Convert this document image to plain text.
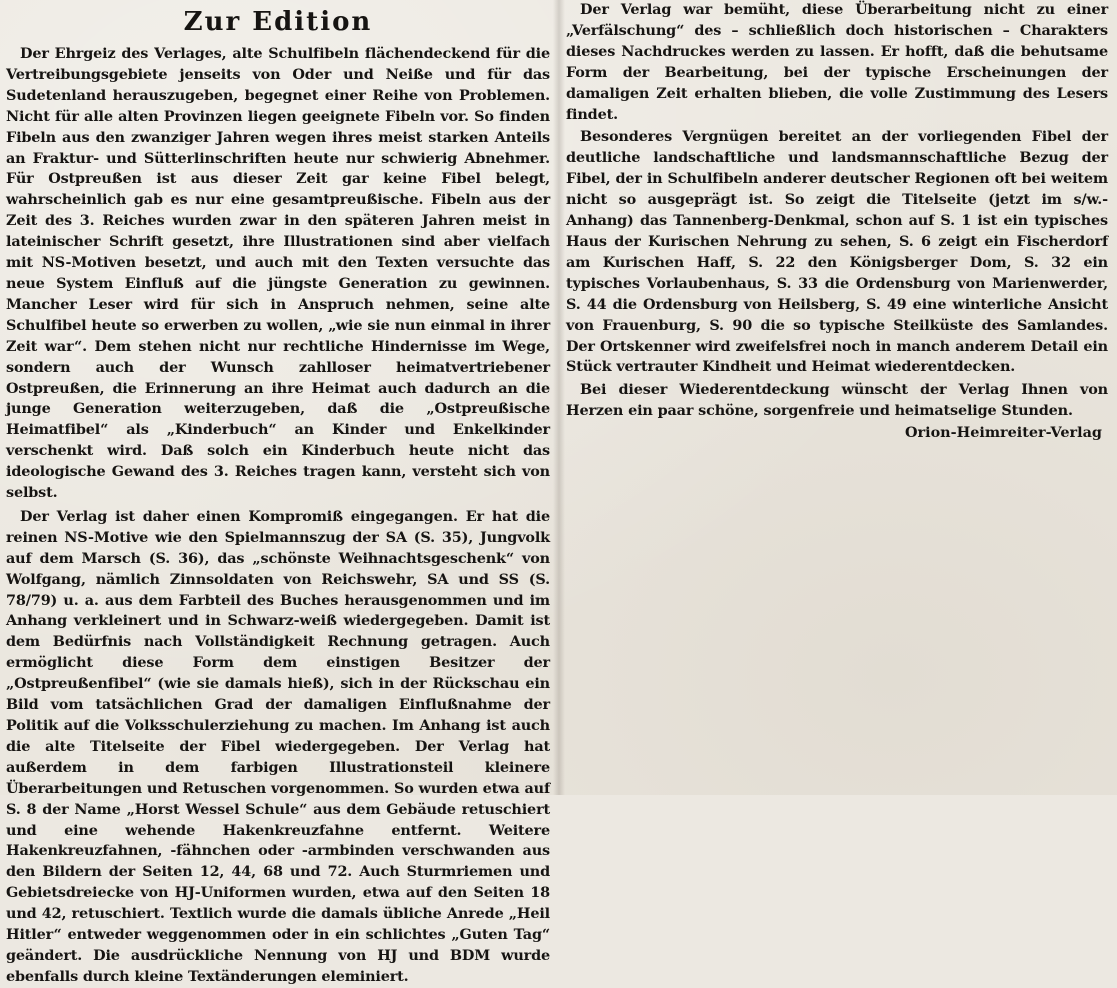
Zur Edition

Der Ehrgeiz des Verlages, alte Schulfibeln flächendeckend für die Vertreibungsgebiete jenseits von Oder und Neiße und für das Sudetenland herauszugeben, begegnet einer Reihe von Problemen. Nicht für alle alten Provinzen liegen geeignete Fibeln vor. So finden Fibeln aus den zwanziger Jahren wegen ihres meist starken Anteils an Fraktur- und Sütterlinschriften heute nur schwierig Abnehmer. Für Ostpreußen ist aus dieser Zeit gar keine Fibel belegt, wahrscheinlich gab es nur eine gesamtpreußische. Fibeln aus der Zeit des 3. Reiches wurden zwar in den späteren Jahren meist in lateinischer Schrift gesetzt, ihre Illustrationen sind aber vielfach mit NS-Motiven besetzt, und auch mit den Texten versuchte das neue System Einfluß auf die jüngste Generation zu gewinnen. Mancher Leser wird für sich in Anspruch nehmen, seine alte Schulfibel heute so erwerben zu wollen, „wie sie nun einmal in ihrer Zeit war“. Dem stehen nicht nur rechtliche Hindernisse im Wege, sondern auch der Wunsch zahlloser heimatvertriebener Ostpreußen, die Erinnerung an ihre Heimat auch dadurch an die junge Generation weiterzugeben, daß die „Ostpreußische Heimatfibel“ als „Kinderbuch“ an Kinder und Enkelkinder verschenkt wird. Daß solch ein Kinderbuch heute nicht das ideologische Gewand des 3. Reiches tragen kann, versteht sich von selbst.

Der Verlag ist daher einen Kompromiß eingegangen. Er hat die reinen NS-Motive wie den Spielmannszug der SA (S. 35), Jungvolk auf dem Marsch (S. 36), das „schönste Weihnachtsgeschenk“ von Wolfgang, nämlich Zinnsoldaten von Reichswehr, SA und SS (S. 78/79) u. a. aus dem Farbteil des Buches herausgenommen und im Anhang verkleinert und in Schwarz-weiß wiedergegeben. Damit ist dem Bedürfnis nach Vollständigkeit Rechnung getragen. Auch ermöglicht diese Form dem einstigen Besitzer der „Ostpreußenfibel“ (wie sie damals hieß), sich in der Rückschau ein Bild vom tatsächlichen Grad der damaligen Einflußnahme der Politik auf die Volksschulerziehung zu machen. Im Anhang ist auch die alte Titelseite der Fibel wiedergegeben. Der Verlag hat außerdem in dem farbigen Illustrationsteil kleinere Überarbeitungen und Retuschen vorgenommen. So wurden etwa auf S. 8 der Name „Horst Wessel Schule“ aus dem Gebäude retuschiert und eine wehende Hakenkreuzfahne entfernt. Weitere Hakenkreuzfahnen, -fähnchen oder -armbinden verschwanden aus den Bildern der Seiten 12, 44, 68 und 72. Auch Sturmriemen und Gebietsdreiecke von HJ-Uniformen wurden, etwa auf den Seiten 18 und 42, retuschiert. Textlich wurde die damals übliche Anrede „Heil Hitler“ entweder weggenommen oder in ein schlichtes „Guten Tag“ geändert. Die ausdrückliche Nennung von HJ und BDM wurde ebenfalls durch kleine Textänderungen eleminiert.

Der Verlag war bemüht, diese Überarbeitung nicht zu einer „Verfälschung“ des – schließlich doch historischen – Charakters dieses Nachdruckes werden zu lassen. Er hofft, daß die behutsame Form der Bearbeitung, bei der typische Erscheinungen der damaligen Zeit erhalten blieben, die volle Zustimmung des Lesers findet.

Besonderes Vergnügen bereitet an der vorliegenden Fibel der deutliche landschaftliche und landsmannschaftliche Bezug der Fibel, der in Schulfibeln anderer deutscher Regionen oft bei weitem nicht so ausgeprägt ist. So zeigt die Titelseite (jetzt im s/w.-Anhang) das Tannenberg-Denkmal, schon auf S. 1 ist ein typisches Haus der Kurischen Nehrung zu sehen, S. 6 zeigt ein Fischerdorf am Kurischen Haff, S. 22 den Königsberger Dom, S. 32 ein typisches Vorlaubenhaus, S. 33 die Ordensburg von Marienwerder, S. 44 die Ordensburg von Heilsberg, S. 49 eine winterliche Ansicht von Frauenburg, S. 90 die so typische Steilküste des Samlandes. Der Ortskenner wird zweifelsfrei noch in manch anderem Detail ein Stück vertrauter Kindheit und Heimat wiederentdecken.

Bei dieser Wiederentdeckung wünscht der Verlag Ihnen von Herzen ein paar schöne, sorgenfreie und heimatselige Stunden.

Orion-Heimreiter-Verlag
